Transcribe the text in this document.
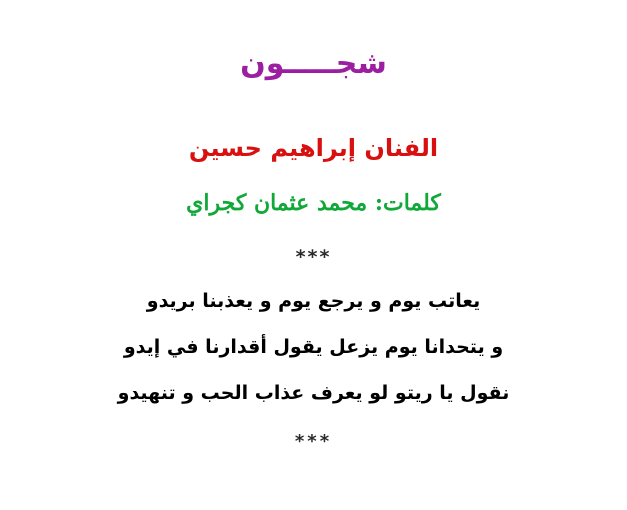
شجـــــون
الفنان إبراهيم حسين
كلمات: محمد عثمان كجراي
***
يعاتب يوم و يرجع يوم و يعذبنا بريدو
و يتحدانا يوم يزعل يقول أقدارنا في إيدو
نقول يا ريتو لو يعرف عذاب الحب و تنهيدو
***
